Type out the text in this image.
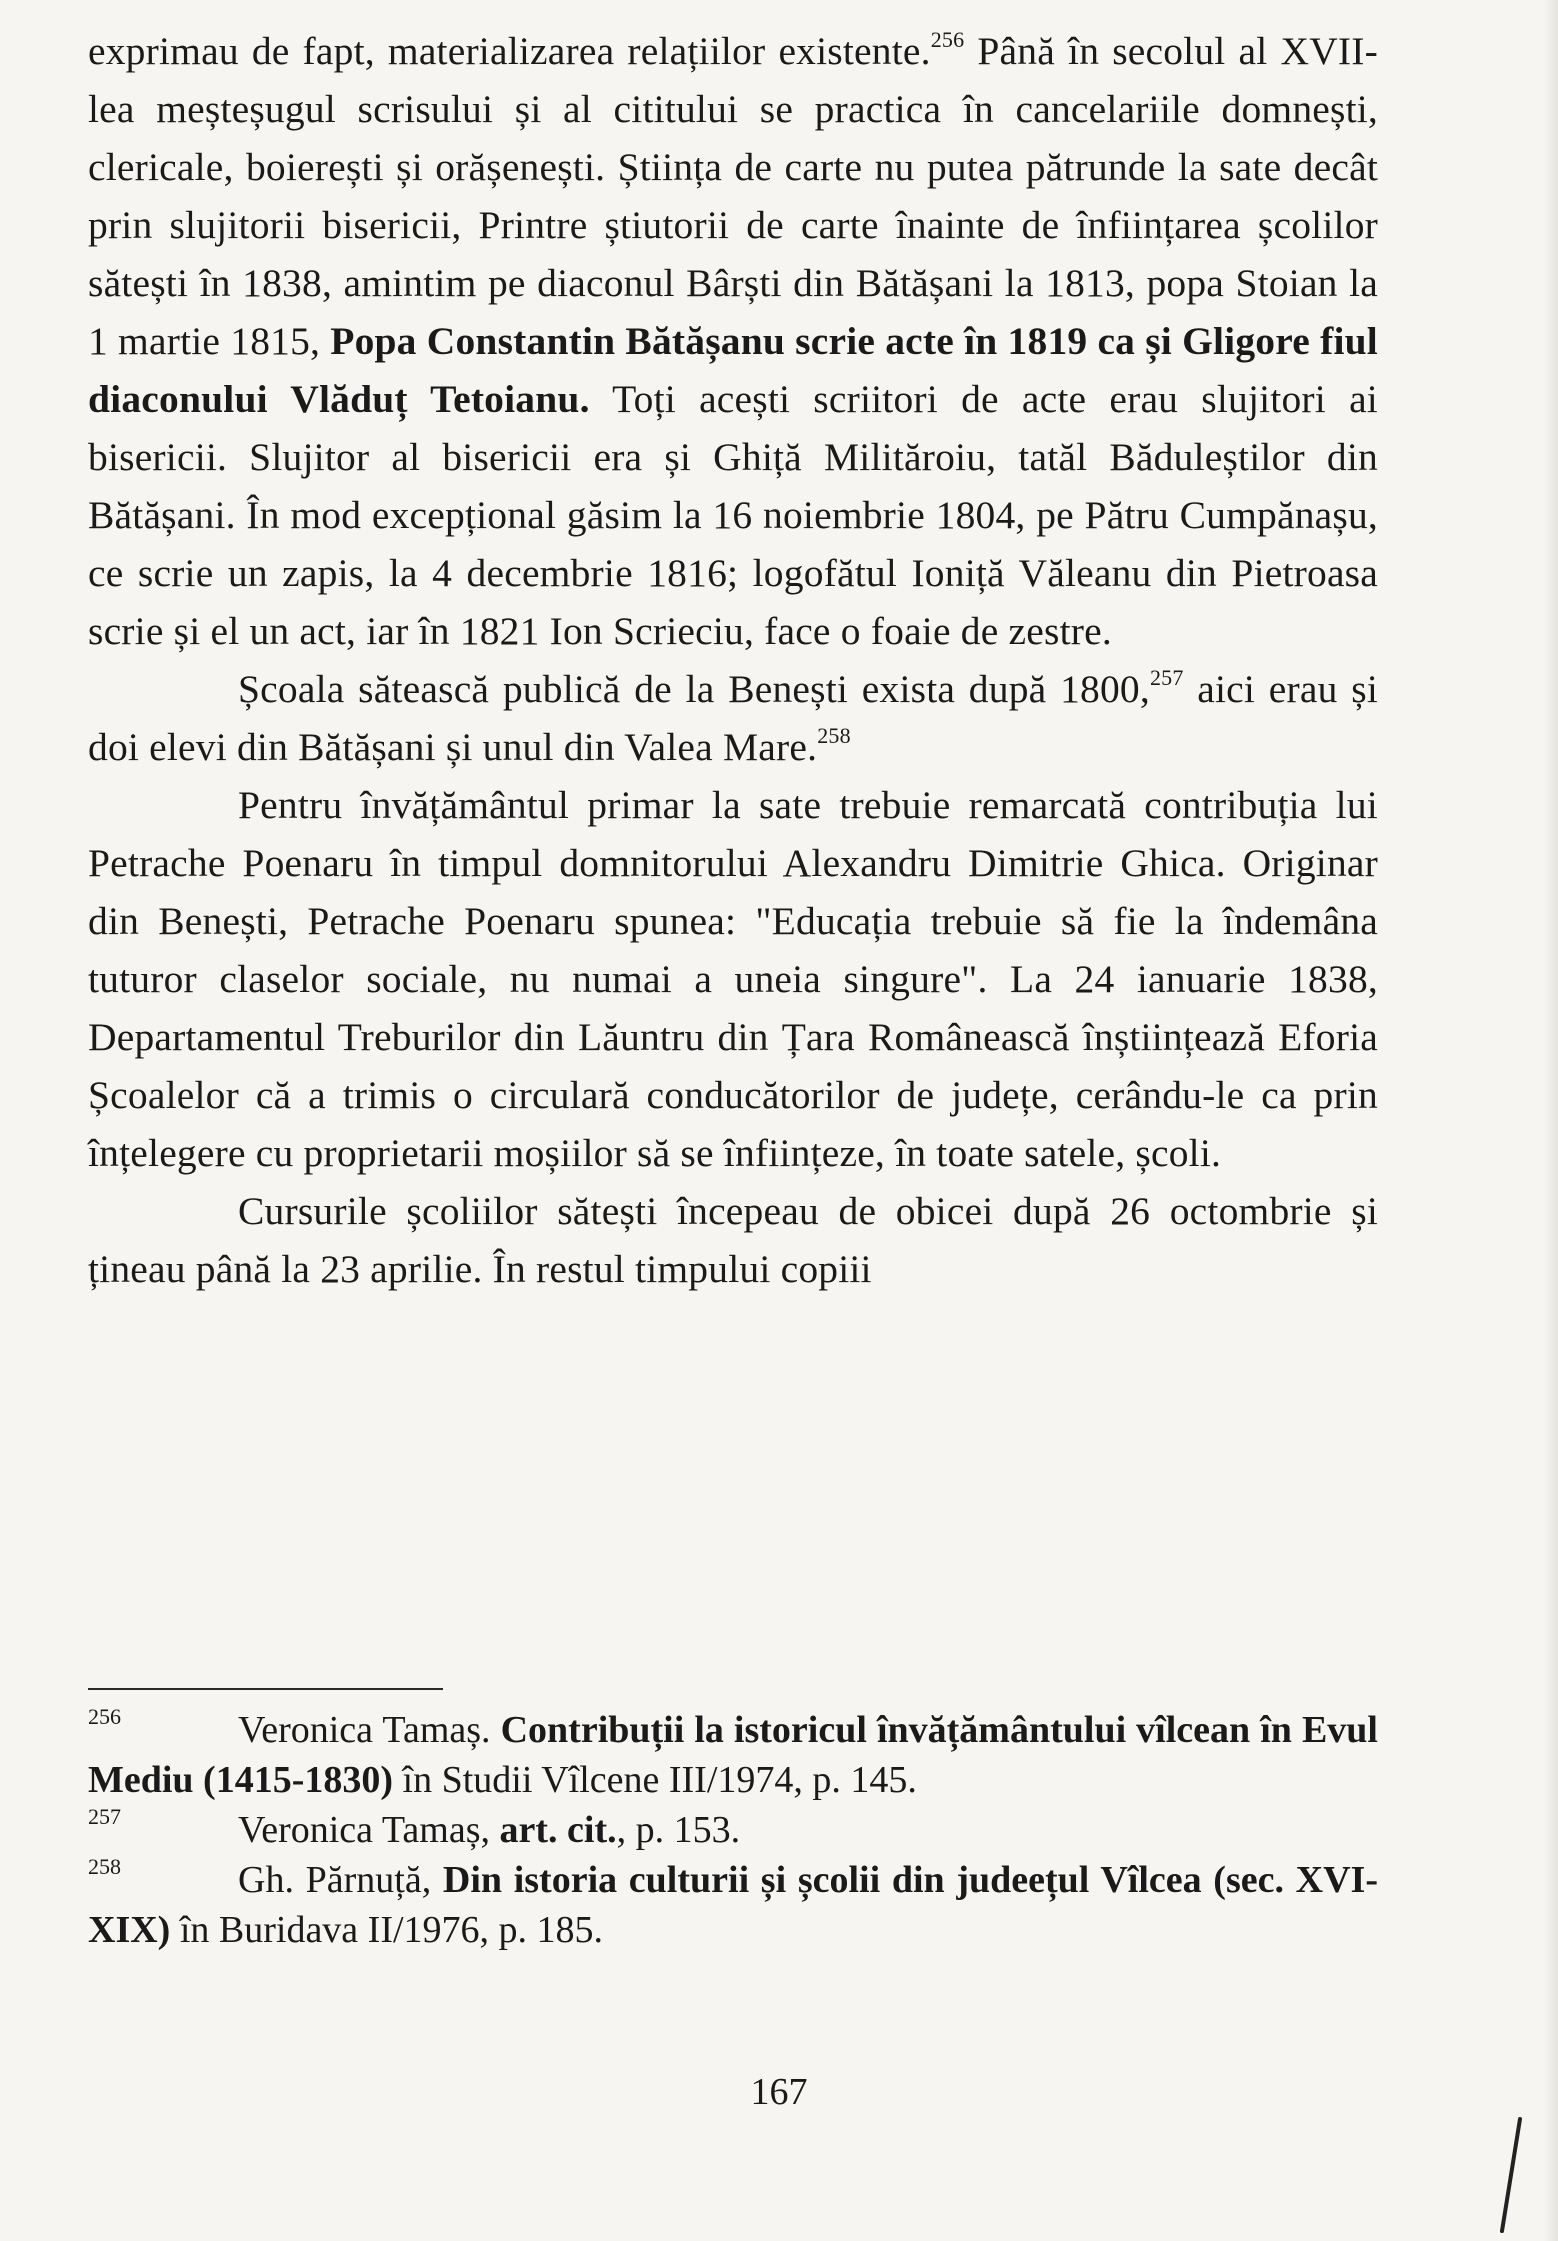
exprimau de fapt, materializarea relațiilor existente.$^{256}$ Până în secolul al XVII-lea meșteșugul scrisului și al cititului se practica în cancelariile domnești, clericale, boierești și orășenești. Știința de carte nu putea pătrunde la sate decât prin slujitorii bisericii, Printre știutorii de carte înainte de înființarea școlilor sătești în 1838, amintim pe diaconul Bârști din Bătășani la 1813, popa Stoian la 1 martie 1815, Popa Constantin Bătășanu scrie acte în 1819 ca și Gligore fiul diaconului Vlăduț Tetoianu. Toți acești scriitori de acte erau slujitori ai bisericii. Slujitor al bisericii era și Ghiță Milităroiu, tatăl Băduleștilor din Bătășani. În mod excepțional găsim la 16 noiembrie 1804, pe Pătru Cumpănașu, ce scrie un zapis, la 4 decembrie 1816; logofătul Ioniță Văleanu din Pietroasa scrie și el un act, iar în 1821 Ion Scrieciu, face o foaie de zestre.

Școala sătească publică de la Benești exista după 1800,$^{257}$ aici erau și doi elevi din Bătășani și unul din Valea Mare.$^{258}$

Pentru învățământul primar la sate trebuie remarcată contribuția lui Petrache Poenaru în timpul domnitorului Alexandru Dimitrie Ghica. Originar din Benești, Petrache Poenaru spunea: "Educația trebuie să fie la îndemâna tuturor claselor sociale, nu numai a uneia singure". La 24 ianuarie 1838, Departamentul Treburilor din Lăuntru din Țara Românească înștiințează Eforia Școalelor că a trimis o circulară conducătorilor de județe, cerându-le ca prin înțelegere cu proprietarii moșiilor să se înființeze, în toate satele, școli.

Cursurile școliilor sătești începeau de obicei după 26 octombrie și țineau până la 23 aprilie. În restul timpului copiii

256	Veronica Tamaș. Contribuții la istoricul învățământului vîlcean în Evul Mediu (1415-1830) în Studii Vîlcene III/1974, p. 145.

257	Veronica Tamaș, art. cit., p. 153.

258	Gh. Părnuță, Din istoria culturii și școlii din judeețul Vîlcea (sec. XVI-XIX) în Buridava II/1976, p. 185.

167
